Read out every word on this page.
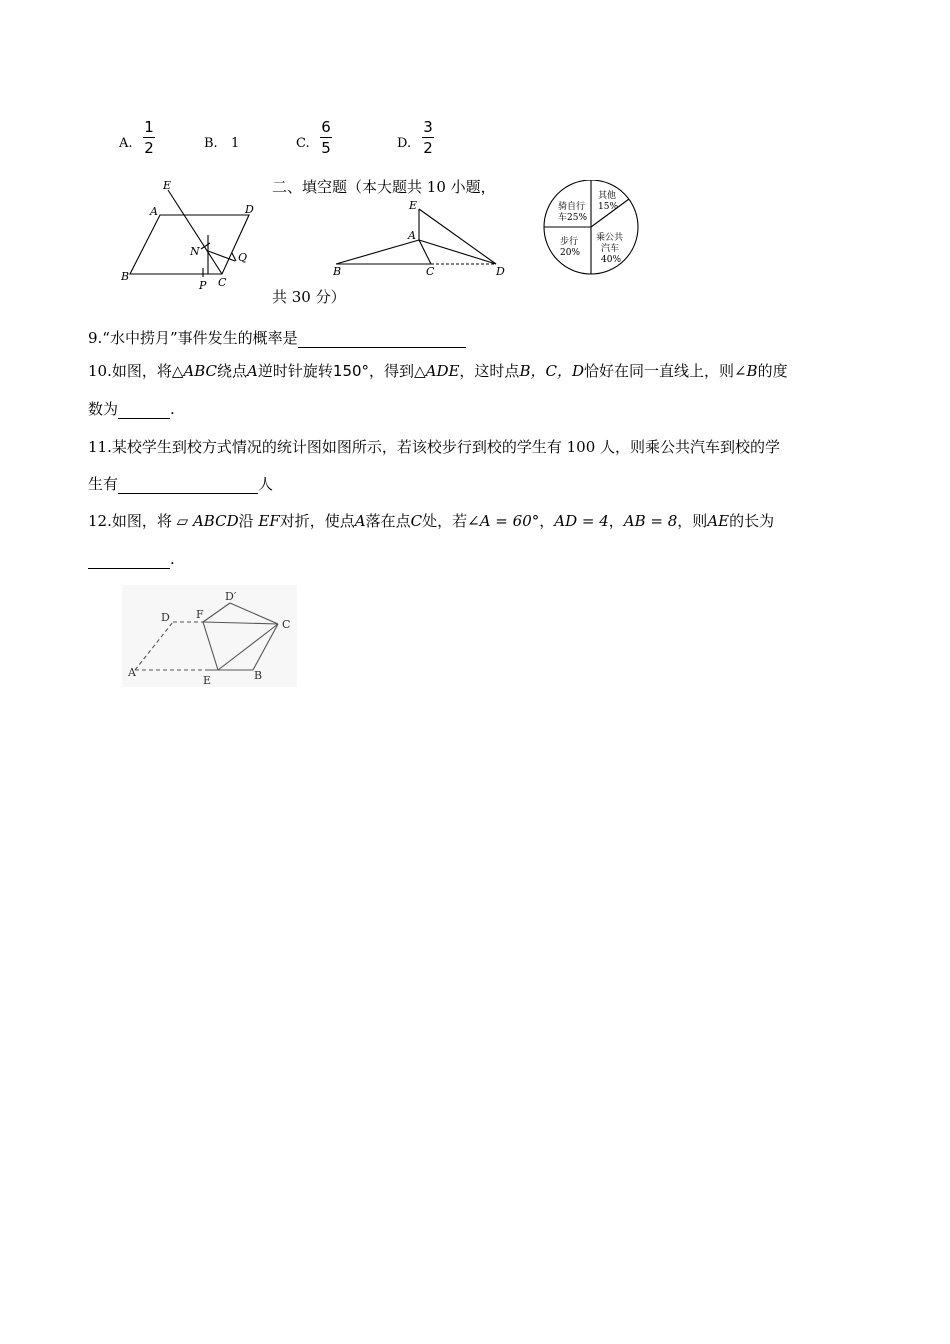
A.
1
2	B. 1	C.
6
5	D.
3
2
二、填空题（本大题共 10 小题，
共 30 分）
E
A	D
N	Q
B
P C
E
A
B	C	D
其他
15%
乘公共
汽车
40%
步行
20%
骑自行
车25%
9.“水中捞月”事件发生的概率是
10.如图，将△ABC绕点A逆时针旋转150°，得到△ADE，这时点B，C，D恰好在同一直线上，则∠B的度
数为	.
11.某校学生到校方式情况的统计图如图所示，若该校步行到校的学生有 100 人，则乘公共汽车到校的学
生有	人
12.如图，将 ▱ ABCD沿 EF对折，使点A落在点C处，若∠A = 60°，AD = 4，AB = 8，则AE的长为
.
D F
D′
C
A
E	B
